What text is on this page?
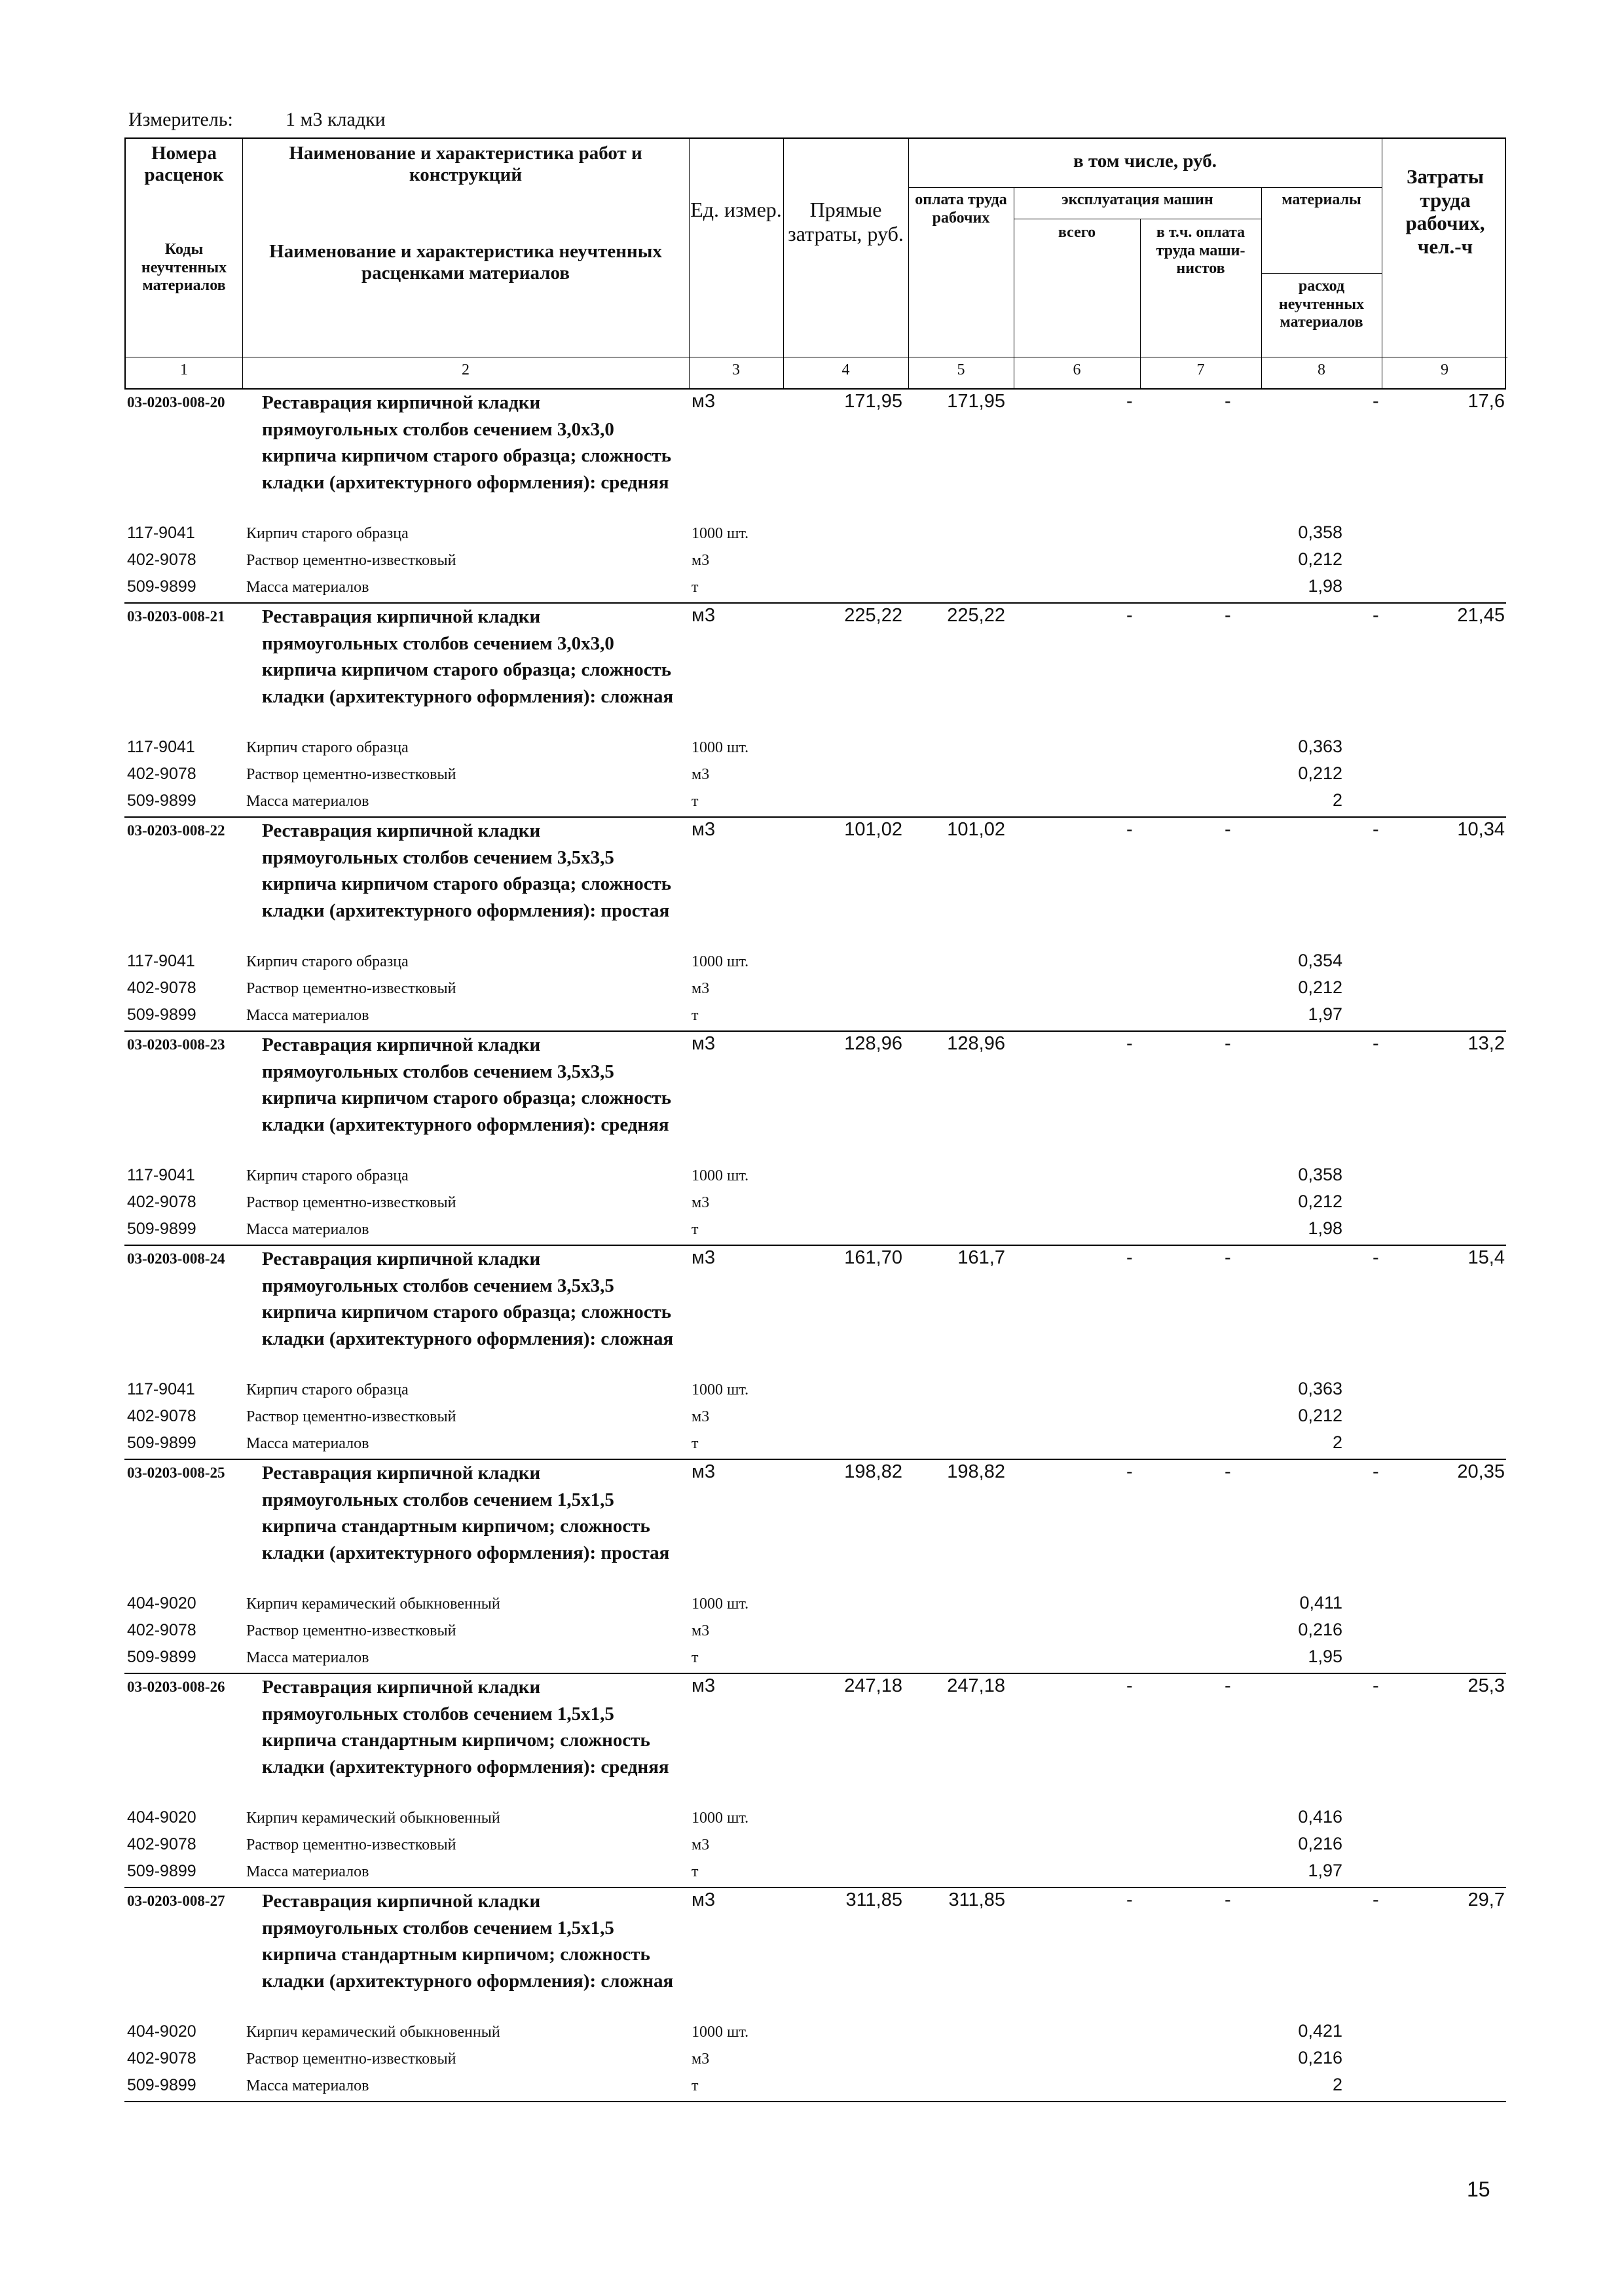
Измеритель:	1 м3 кладки
Номера расценок
Наименование и характеристика работ и конструкций
Коды неучтенных материалов
Наименование и характеристика неучтенных расценками материалов
Ед. измер.	Прямые затраты, руб.
в том числе, руб.
оплата труда рабочих
эксплуатация машин
всего	в т.ч. оплата труда маши- нистов
материалы
расход неучтенных материалов
Затраты труда рабочих, чел.-ч
1	2	3	4	5	6	7	8	9
03-0203-008-20 Реставрация кирпичной кладки прямоугольных столбов сечением 3,0х3,0 кирпича кирпичом старого образца; сложность кладки (архитектурного оформления): средняя
м3	171,95	171,95	-	-	-	17,6
117-9041	Кирпич старого образца	1000 шт.	0,358
402-9078	Раствор цементно-известковый	м3	0,212
509-9899	Масса материалов	т	1,98
03-0203-008-21 Реставрация кирпичной кладки прямоугольных столбов сечением 3,0х3,0 кирпича кирпичом старого образца; сложность кладки (архитектурного оформления): сложная
м3	225,22	225,22	-	-	-	21,45
117-9041	Кирпич старого образца	1000 шт.	0,363
402-9078	Раствор цементно-известковый	м3	0,212
509-9899	Масса материалов	т	2
03-0203-008-22 Реставрация кирпичной кладки прямоугольных столбов сечением 3,5х3,5 кирпича кирпичом старого образца; сложность кладки (архитектурного оформления): простая
м3	101,02	101,02	-	-	-	10,34
117-9041	Кирпич старого образца	1000 шт.	0,354
402-9078	Раствор цементно-известковый	м3	0,212
509-9899	Масса материалов	т	1,97
03-0203-008-23 Реставрация кирпичной кладки прямоугольных столбов сечением 3,5х3,5 кирпича кирпичом старого образца; сложность кладки (архитектурного оформления): средняя
м3	128,96	128,96	-	-	-	13,2
117-9041	Кирпич старого образца	1000 шт.	0,358
402-9078	Раствор цементно-известковый	м3	0,212
509-9899	Масса материалов	т	1,98
03-0203-008-24 Реставрация кирпичной кладки прямоугольных столбов сечением 3,5х3,5 кирпича кирпичом старого образца; сложность кладки (архитектурного оформления): сложная
м3	161,70	161,7	-	-	-	15,4
117-9041	Кирпич старого образца	1000 шт.	0,363
402-9078	Раствор цементно-известковый	м3	0,212
509-9899	Масса материалов	т	2
03-0203-008-25 Реставрация кирпичной кладки прямоугольных столбов сечением 1,5х1,5 кирпича стандартным кирпичом; сложность кладки (архитектурного оформления): простая
м3	198,82	198,82	-	-	-	20,35
404-9020	Кирпич керамический обыкновенный	1000 шт.	0,411
402-9078	Раствор цементно-известковый	м3	0,216
509-9899	Масса материалов	т	1,95
03-0203-008-26 Реставрация кирпичной кладки прямоугольных столбов сечением 1,5х1,5 кирпича стандартным кирпичом; сложность кладки (архитектурного оформления): средняя
м3	247,18	247,18	-	-	-	25,3
404-9020	Кирпич керамический обыкновенный	1000 шт.	0,416
402-9078	Раствор цементно-известковый	м3	0,216
509-9899	Масса материалов	т	1,97
03-0203-008-27 Реставрация кирпичной кладки прямоугольных столбов сечением 1,5х1,5 кирпича стандартным кирпичом; сложность кладки (архитектурного оформления): сложная
м3	311,85	311,85	-	-	-	29,7
404-9020	Кирпич керамический обыкновенный	1000 шт.	0,421
402-9078	Раствор цементно-известковый	м3	0,216
509-9899	Масса материалов	т	2
15
